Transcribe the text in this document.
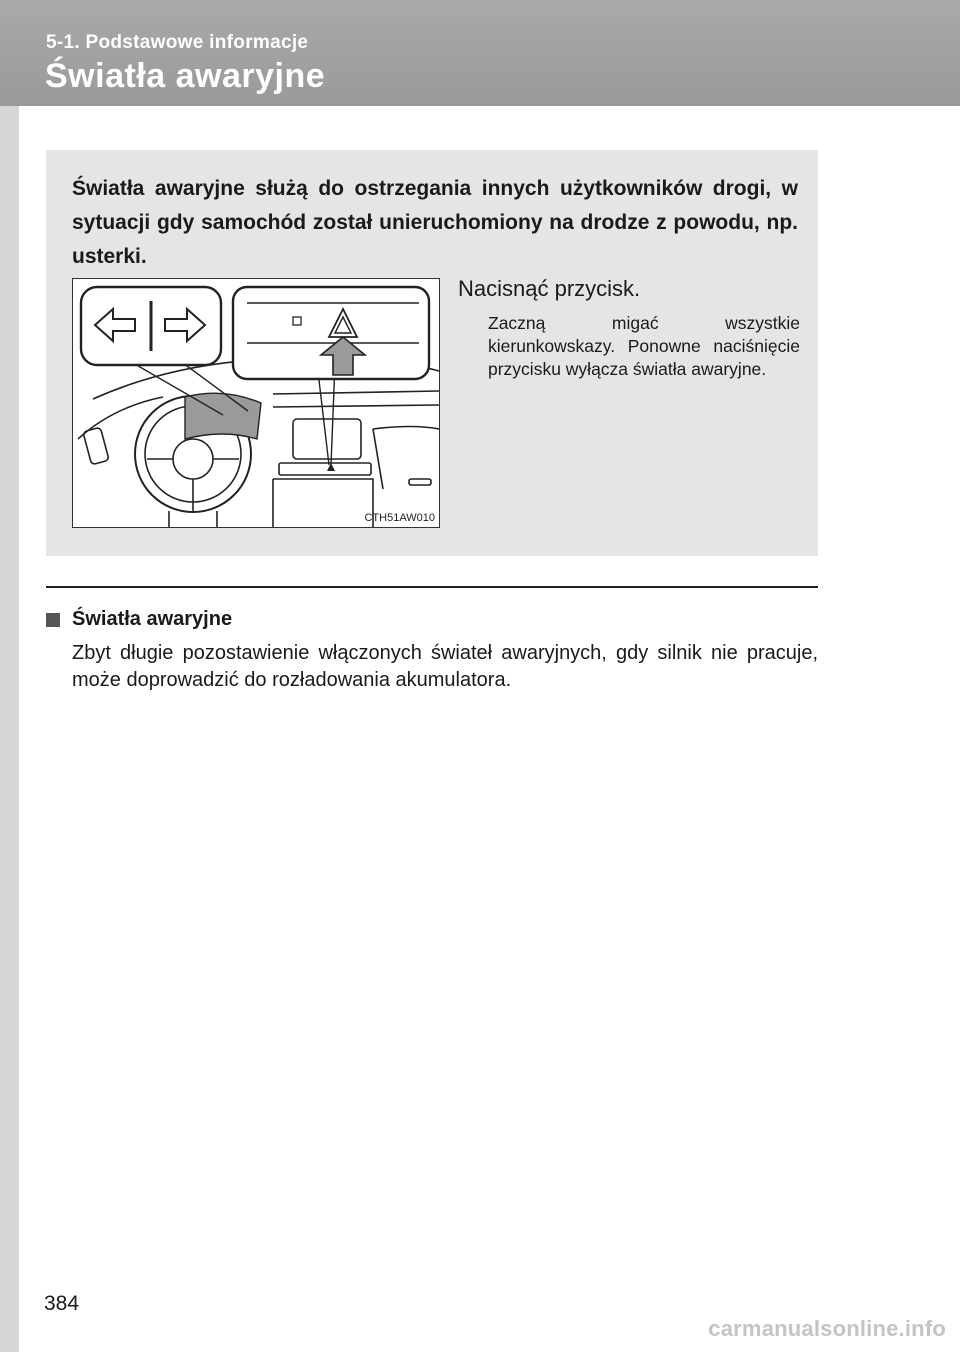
5-1. Podstawowe informacje
Światła awaryjne
Światła awaryjne służą do ostrzegania innych użytkowników drogi, w sytuacji gdy samochód został unieruchomiony na drodze z powodu, np. usterki.
CTH51AW010
Nacisnąć przycisk.
Zaczną migać wszystkie kierunkowskazy. Ponowne naciśnięcie przycisku wyłącza światła awaryjne.
Światła awaryjne
Zbyt długie pozostawienie włączonych świateł awaryjnych, gdy silnik nie pracuje, może doprowadzić do rozładowania akumulatora.
384
carmanualsonline.info
